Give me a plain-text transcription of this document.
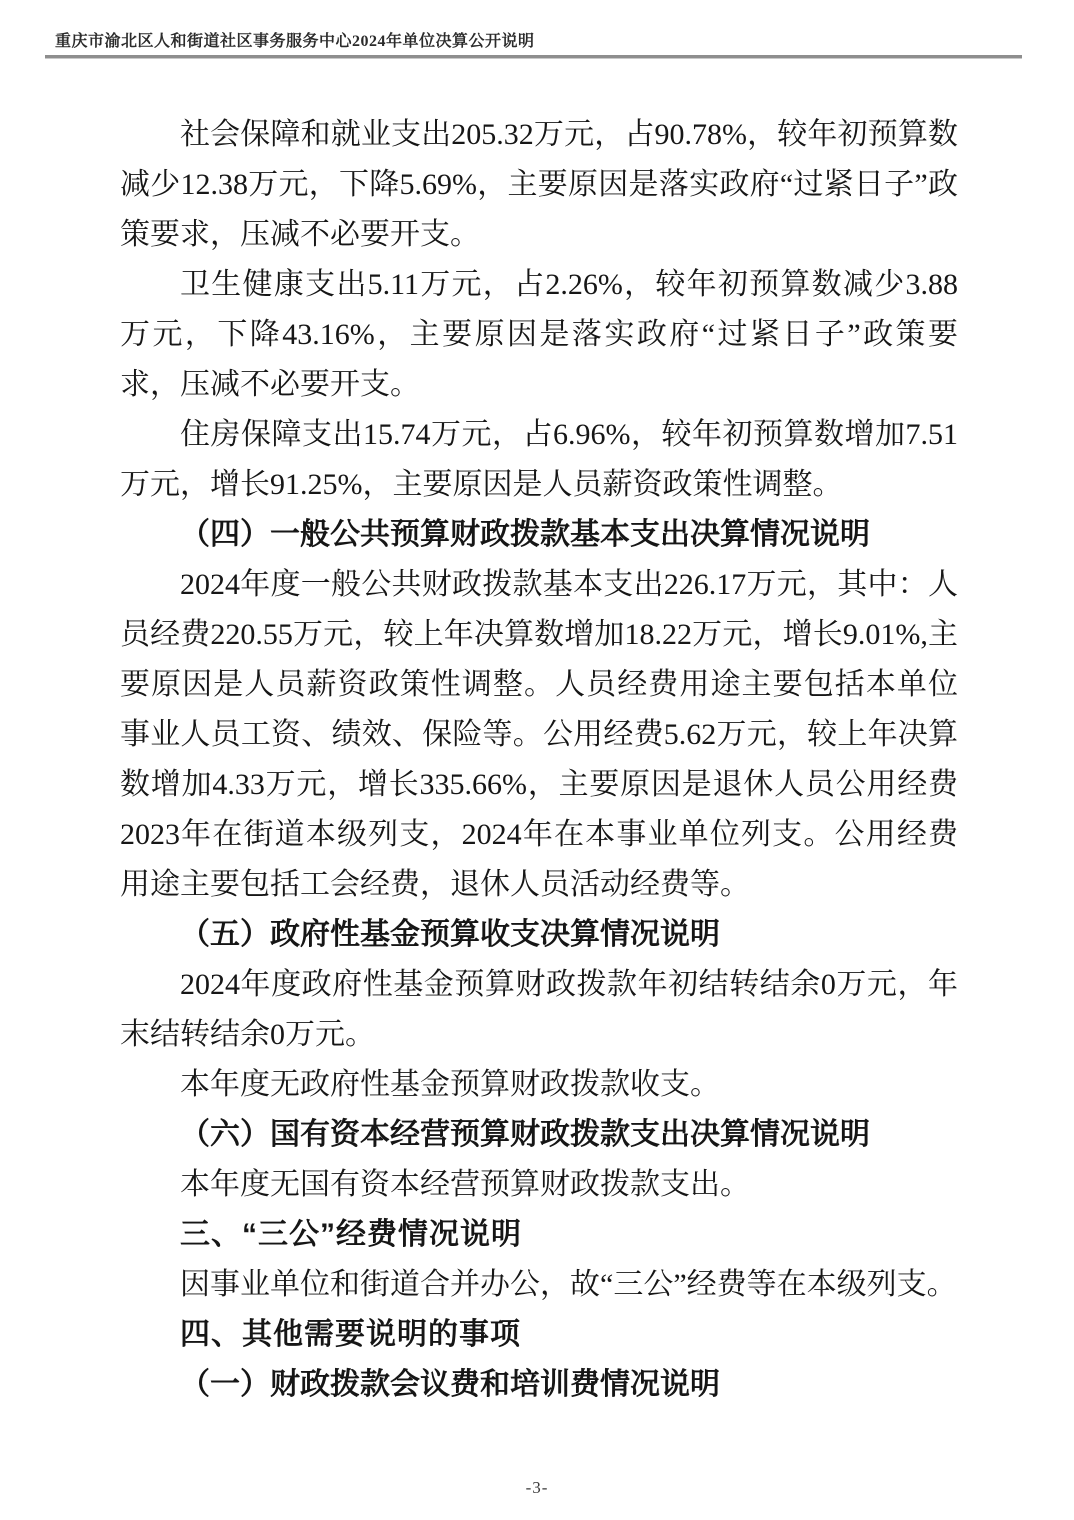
重庆市渝北区人和街道社区事务服务中心2024年单位决算公开说明

社会保障和就业支出205.32万元，占90.78%，较年初预算数减少12.38万元，下降5.69%，主要原因是落实政府“过紧日子”政策要求，压减不必要开支。

卫生健康支出5.11万元，占2.26%，较年初预算数减少3.88万元，下降43.16%，主要原因是落实政府“过紧日子”政策要求，压减不必要开支。

住房保障支出15.74万元，占6.96%，较年初预算数增加7.51万元，增长91.25%，主要原因是人员薪资政策性调整。

（四）一般公共预算财政拨款基本支出决算情况说明

2024年度一般公共财政拨款基本支出226.17万元，其中：人员经费220.55万元，较上年决算数增加18.22万元，增长9.01%,主要原因是人员薪资政策性调整。人员经费用途主要包括本单位事业人员工资、绩效、保险等。公用经费5.62万元，较上年决算数增加4.33万元，增长335.66%，主要原因是退休人员公用经费2023年在街道本级列支，2024年在本事业单位列支。公用经费用途主要包括工会经费，退休人员活动经费等。

（五）政府性基金预算收支决算情况说明

2024年度政府性基金预算财政拨款年初结转结余0万元，年末结转结余0万元。

本年度无政府性基金预算财政拨款收支。

（六）国有资本经营预算财政拨款支出决算情况说明

本年度无国有资本经营预算财政拨款支出。

三、“三公”经费情况说明

因事业单位和街道合并办公，故“三公”经费等在本级列支。

四、其他需要说明的事项

（一）财政拨款会议费和培训费情况说明

-3-
